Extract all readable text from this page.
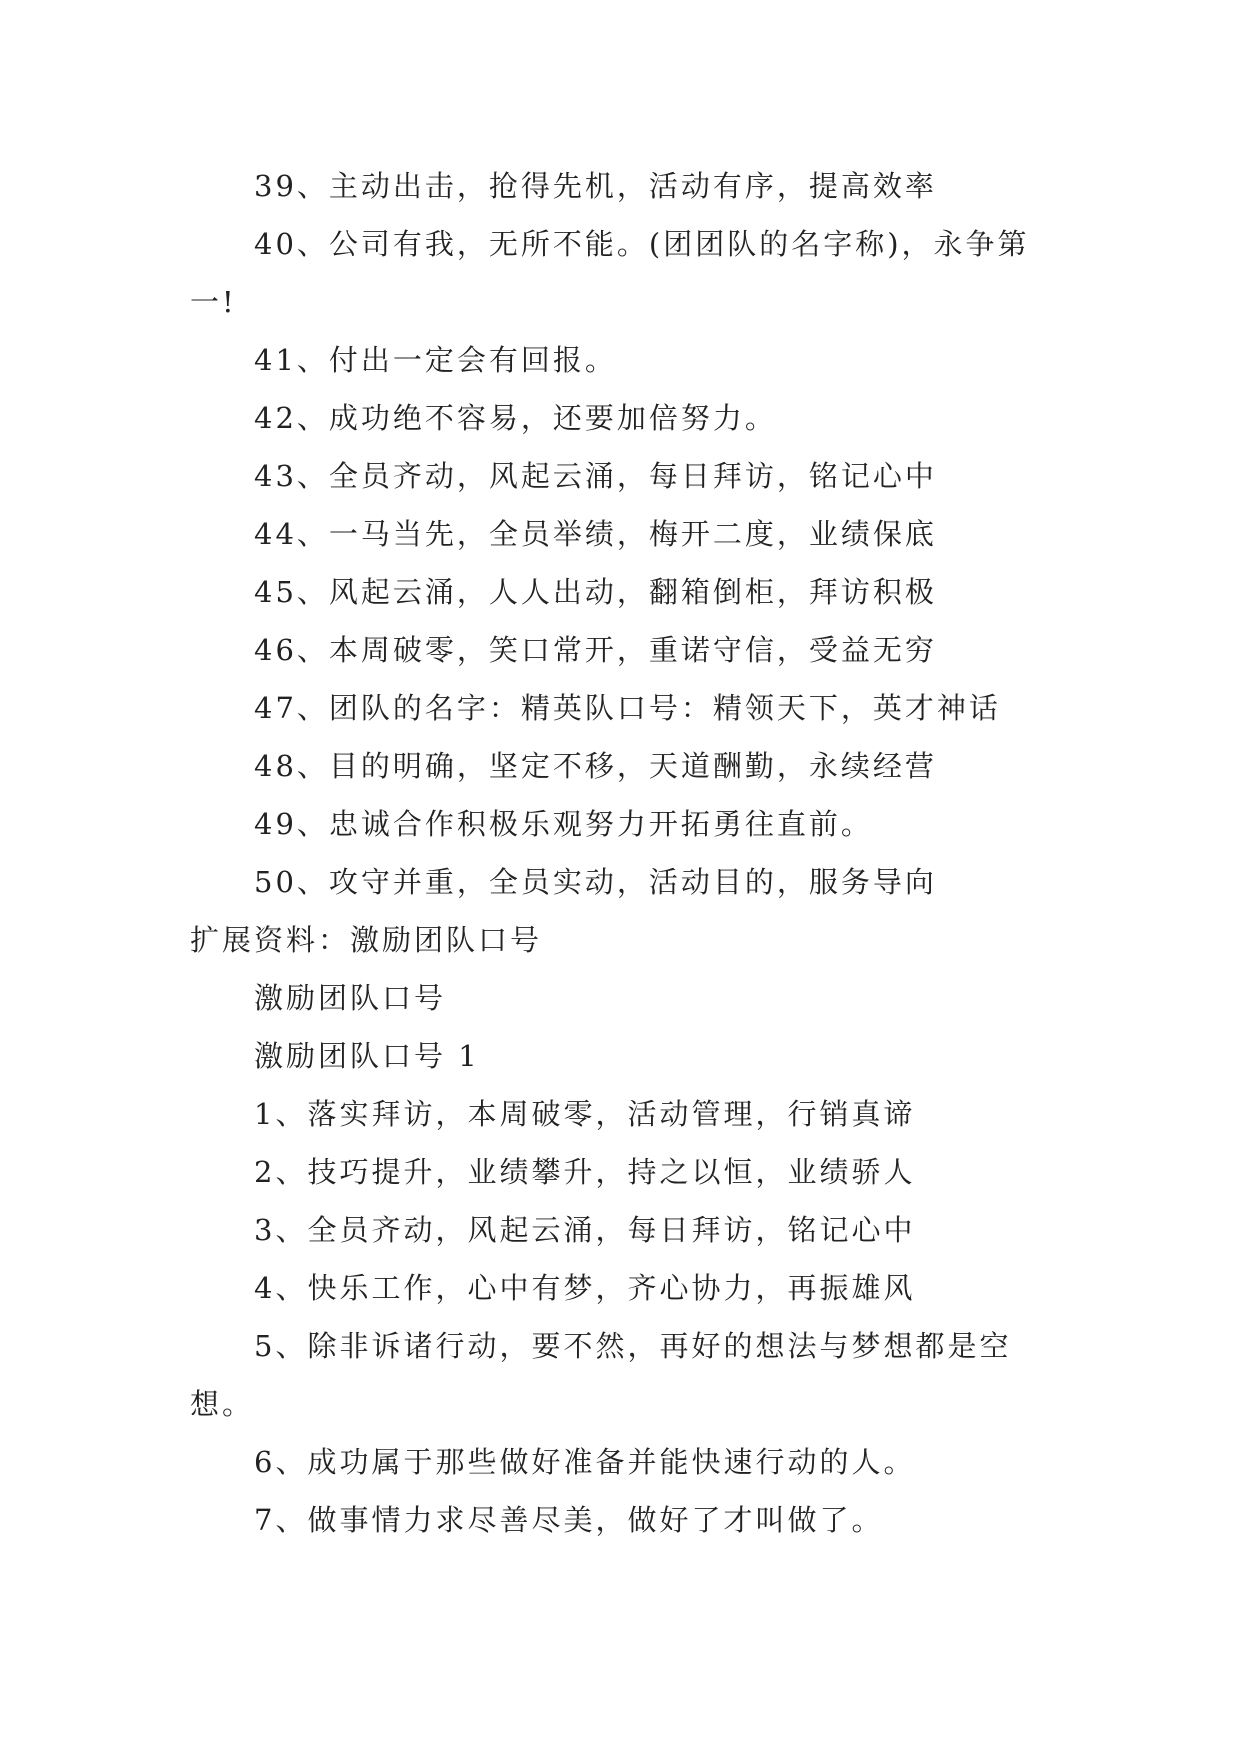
39、主动出击，抢得先机，活动有序，提高效率
40、公司有我，无所不能。(团团队的名字称)，永争第
一!
41、付出一定会有回报。
42、成功绝不容易，还要加倍努力。
43、全员齐动，风起云涌，每日拜访，铭记心中
44、一马当先，全员举绩，梅开二度，业绩保底
45、风起云涌，人人出动，翻箱倒柜，拜访积极
46、本周破零，笑口常开，重诺守信，受益无穷
47、团队的名字：精英队口号：精领天下，英才神话
48、目的明确，坚定不移，天道酬勤，永续经营
49、忠诚合作积极乐观努力开拓勇往直前。
50、攻守并重，全员实动，活动目的，服务导向
扩展资料：激励团队口号
激励团队口号
激励团队口号 1
1、落实拜访，本周破零，活动管理，行销真谛
2、技巧提升，业绩攀升，持之以恒，业绩骄人
3、全员齐动，风起云涌，每日拜访，铭记心中
4、快乐工作，心中有梦，齐心协力，再振雄风
5、除非诉诸行动，要不然，再好的想法与梦想都是空
想。
6、成功属于那些做好准备并能快速行动的人。
7、做事情力求尽善尽美，做好了才叫做了。
